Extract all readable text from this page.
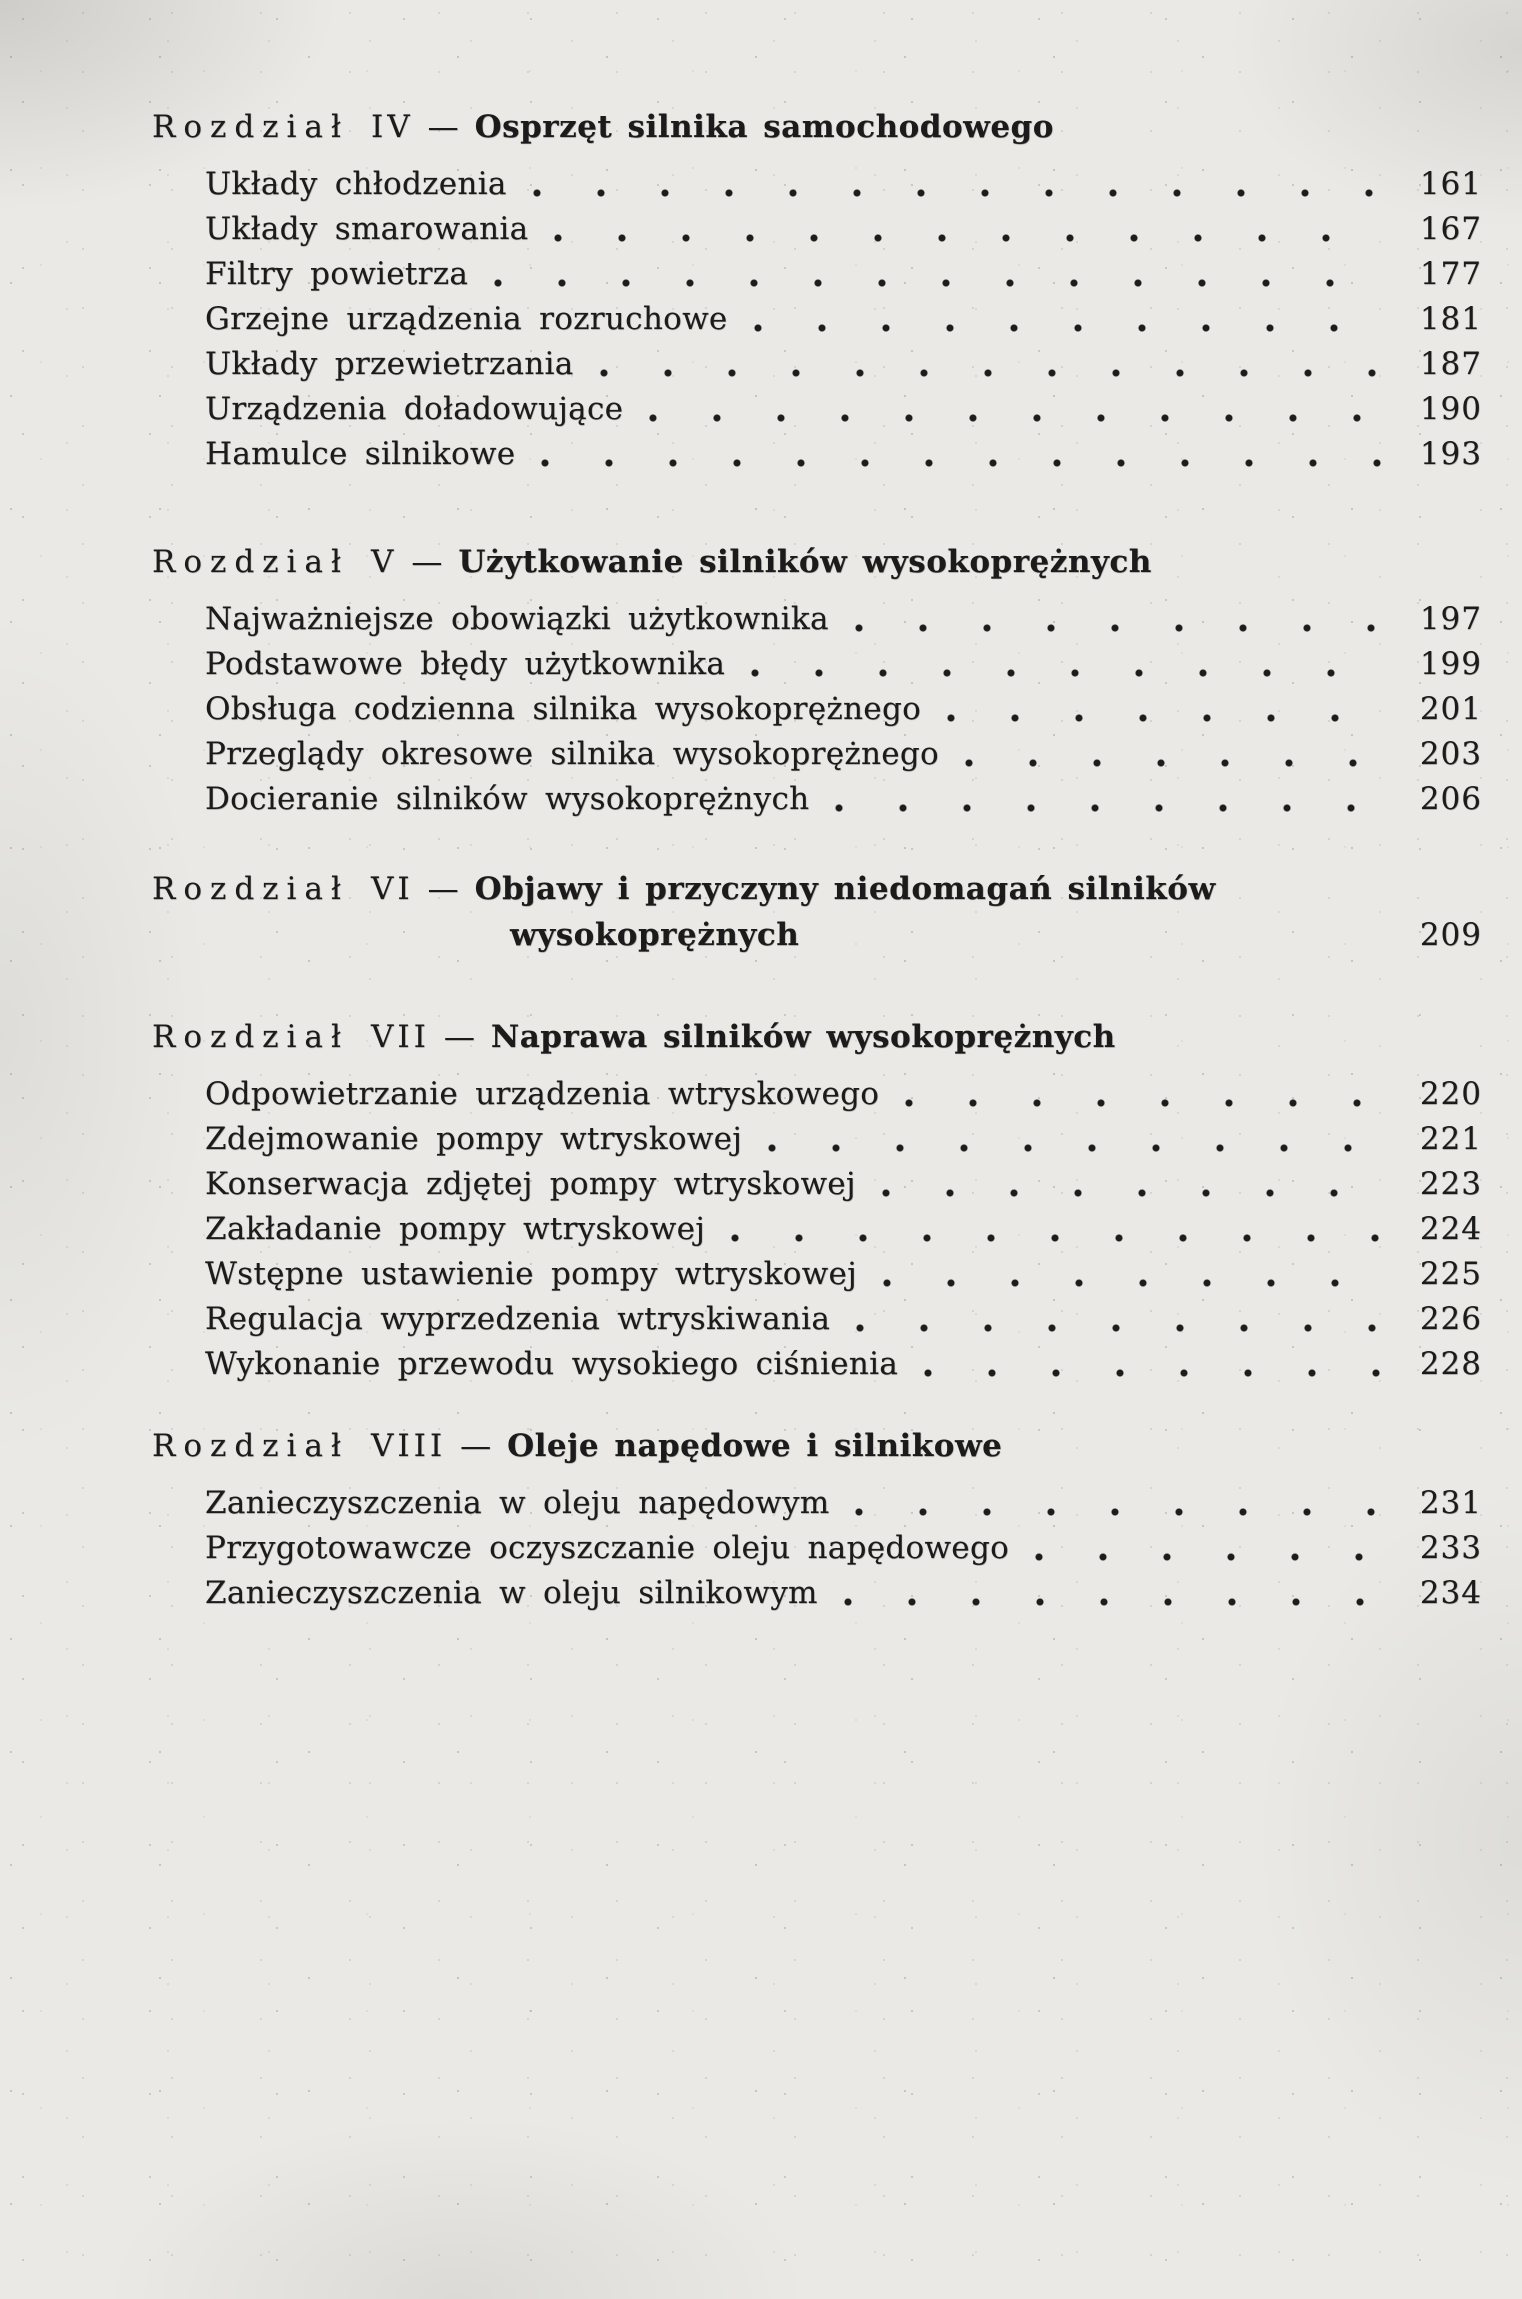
Rozdział IV — Osprzęt silnika samochodowego
Układy chłodzenia	161
Układy smarowania	167
Filtry powietrza	177
Grzejne urządzenia rozruchowe	181
Układy przewietrzania	187
Urządzenia doładowujące	190
Hamulce silnikowe	193
Rozdział V — Użytkowanie silników wysokoprężnych
Najważniejsze obowiązki użytkownika	197
Podstawowe błędy użytkownika	199
Obsługa codzienna silnika wysokoprężnego	201
Przeglądy okresowe silnika wysokoprężnego	203
Docieranie silników wysokoprężnych	206
Rozdział VI — Objawy i przyczyny niedomagań silników
wysokoprężnych	209
Rozdział VII — Naprawa silników wysokoprężnych
Odpowietrzanie urządzenia wtryskowego	220
Zdejmowanie pompy wtryskowej	221
Konserwacja zdjętej pompy wtryskowej	223
Zakładanie pompy wtryskowej	224
Wstępne ustawienie pompy wtryskowej	225
Regulacja wyprzedzenia wtryskiwania	226
Wykonanie przewodu wysokiego ciśnienia	228
Rozdział VIII — Oleje napędowe i silnikowe
Zanieczyszczenia w oleju napędowym	231
Przygotowawcze oczyszczanie oleju napędowego	233
Zanieczyszczenia w oleju silnikowym	234
